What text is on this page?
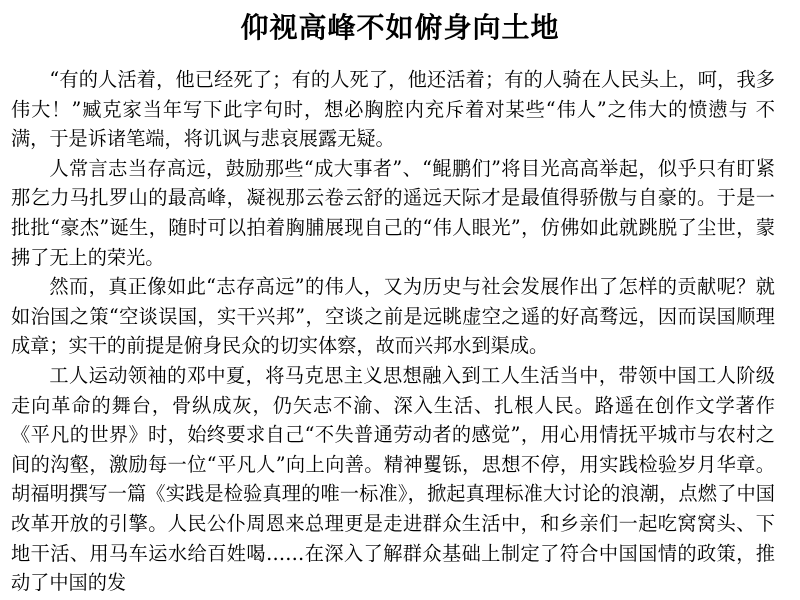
仰视高峰不如俯身向土地

“有的人活着，他已经死了；有的人死了，他还活着；有的人骑在人民头上，呵，我多伟大！”臧克家当年写下此字句时，想必胸腔内充斥着对某些“伟人”之伟大的愤懑与 不满，于是诉诸笔端，将讥讽与悲哀展露无疑。

人常言志当存高远，鼓励那些“成大事者”、“鲲鹏们”将目光高高举起，似乎只有盯紧那乞力马扎罗山的最高峰，凝视那云卷云舒的遥远天际才是最值得骄傲与自豪的。于是一批批“豪杰”诞生，随时可以拍着胸脯展现自己的“伟人眼光”，仿佛如此就跳脱了尘世，蒙拂了无上的荣光。

然而，真正像如此“志存高远”的伟人，又为历史与社会发展作出了怎样的贡献呢？就如治国之策“空谈误国，实干兴邦”，空谈之前是远眺虚空之遥的好高骛远，因而误国顺理成章；实干的前提是俯身民众的切实体察，故而兴邦水到渠成。

工人运动领袖的邓中夏，将马克思主义思想融入到工人生活当中，带领中国工人阶级走向革命的舞台，骨纵成灰，仍矢志不渝、深入生活、扎根人民。路遥在创作文学著作《平凡的世界》时，始终要求自己“不失普通劳动者的感觉”，用心用情抚平城市与农村之间的沟壑，激励每一位“平凡人”向上向善。精神矍铄，思想不停，用实践检验岁月华章。胡福明撰写一篇《实践是检验真理的唯一标准》，掀起真理标准大讨论的浪潮，点燃了中国改革开放的引擎。人民公仆周恩来总理更是走进群众生活中，和乡亲们一起吃窝窝头、下地干活、用马车运水给百姓喝……在深入了解群众基础上制定了符合中国国情的政策，推动了中国的发
